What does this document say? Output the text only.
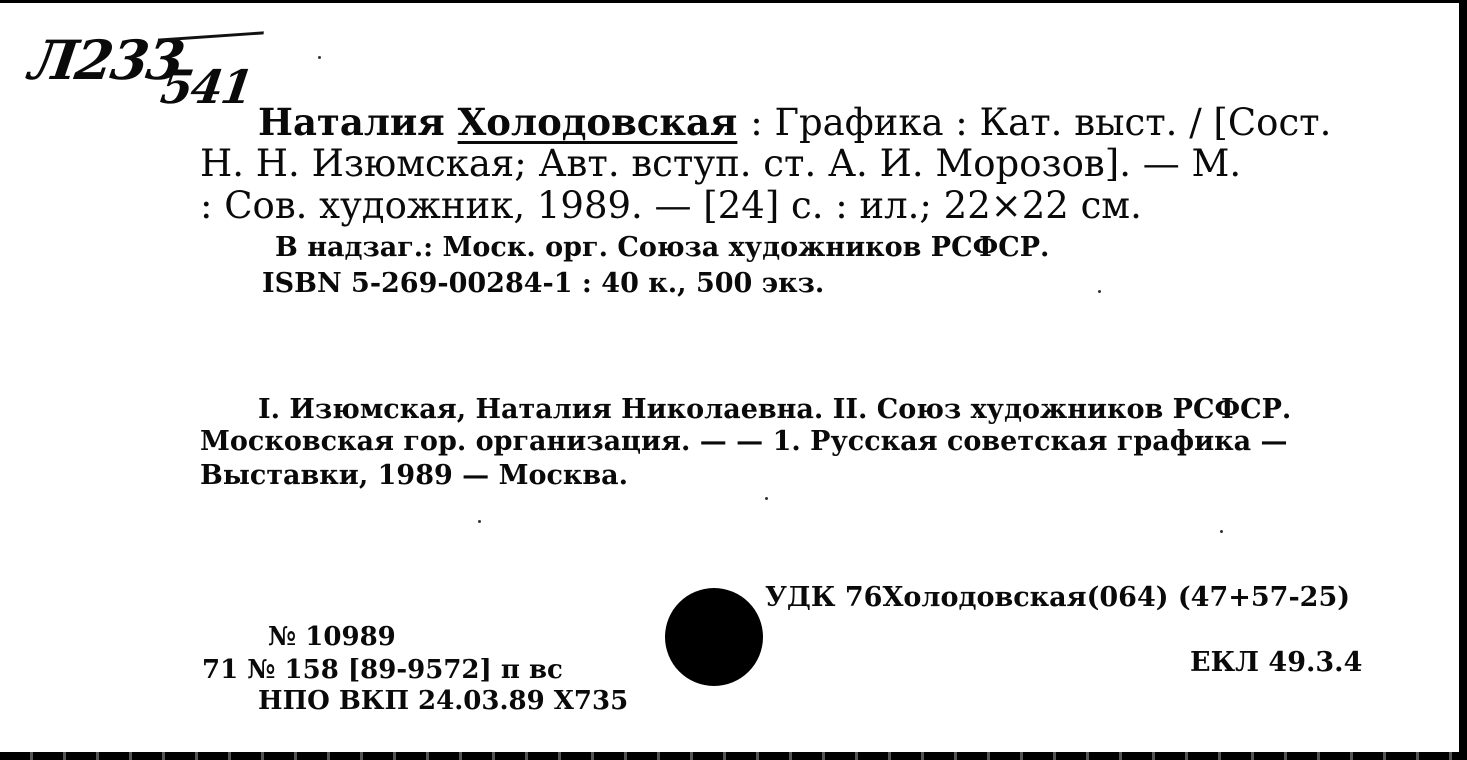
Л233
541
Наталия Холодовская : Графика : Кат. выст. / [Сост.
Н. Н. Изюмская; Авт. вступ. ст. А. И. Морозов]. — М.
: Сов. художник, 1989. — [24] с. : ил.; 22×22 см.
В надзаг.: Моск. орг. Союза художников РСФСР.
ISBN 5-269-00284-1 : 40 к., 500 экз.
I. Изюмская, Наталия Николаевна. II. Союз художников РСФСР.
Московская гор. организация. — — 1. Русская советская графика —
Выставки, 1989 — Москва.
УДК 76Холодовская(064) (47+57-25)
ЕКЛ 49.3.4
№ 10989
71 № 158 [89-9572] п вс
НПО ВКП 24.03.89 Х735
